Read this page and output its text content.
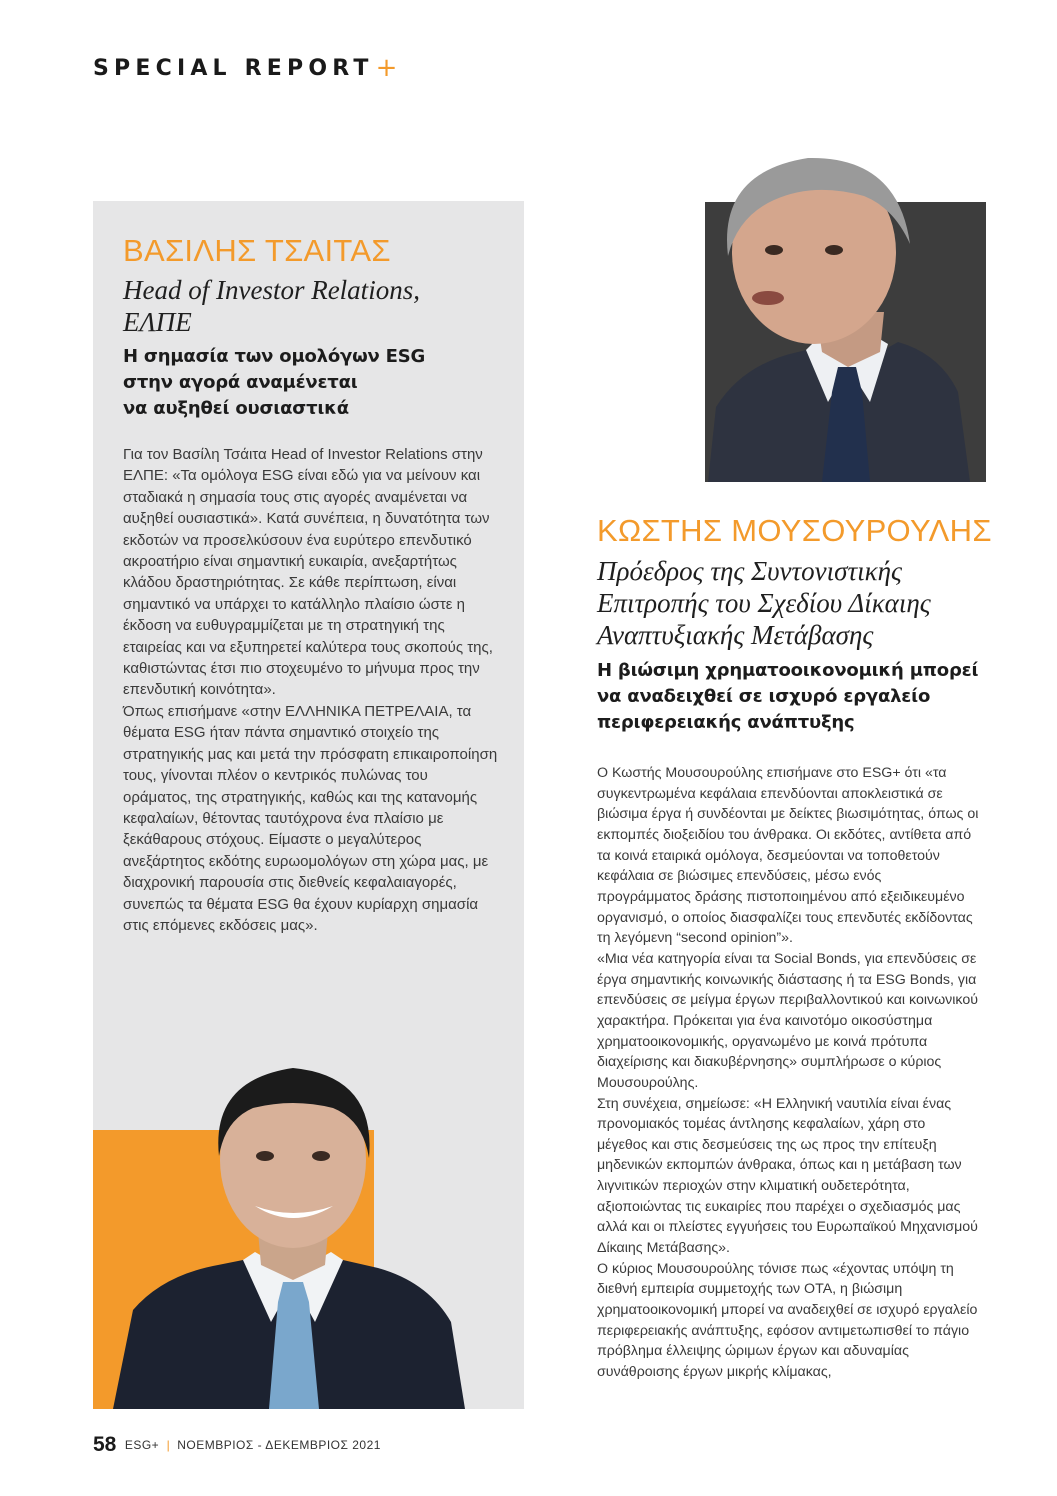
SPECIAL REPORT+
ΒΑΣΙΛΗΣ ΤΣΑΙΤΑΣ
Head of Investor Relations,
ΕΛΠΕ
Η σημασία των ομολόγων ESG
στην αγορά αναμένεται
να αυξηθεί ουσιαστικά

Για τον Βασίλη Τσάιτα Head of Investor Relations στην ΕΛΠΕ: «Τα ομόλογα ESG είναι εδώ για να μείνουν και σταδιακά η σημασία τους στις αγορές αναμένεται να αυξηθεί ουσιαστικά». Κατά συνέπεια, η δυνατότητα των εκδοτών να προσελκύσουν ένα ευρύτερο επενδυτικό ακροατήριο είναι σημαντική ευκαιρία, ανεξαρτήτως κλάδου δραστηριότητας. Σε κάθε περίπτωση, είναι σημαντικό να υπάρχει το κατάλληλο πλαίσιο ώστε η έκδοση να ευθυγραμμίζεται με τη στρατηγική της εταιρείας και να εξυπηρετεί καλύτερα τους σκοπούς της, καθιστώντας έτσι πιο στοχευμένο το μήνυμα προς την επενδυτική κοινότητα».

Όπως επισήμανε «στην ΕΛΛΗΝΙΚΑ ΠΕΤΡΕΛΑΙΑ, τα θέματα ESG ήταν πάντα σημαντικό στοιχείο της στρατηγικής μας και μετά την πρόσφατη επικαιροποίηση τους, γίνονται πλέον ο κεντρικός πυλώνας του οράματος, της στρατηγικής, καθώς και της κατανομής κεφαλαίων, θέτοντας ταυτόχρονα ένα πλαίσιο με ξεκάθαρους στόχους. Είμαστε ο μεγαλύτερος ανεξάρτητος εκδότης ευρωομολόγων στη χώρα μας, με διαχρονική παρουσία στις διεθνείς κεφαλαιαγορές, συνεπώς τα θέματα ESG θα έχουν κυρίαρχη σημασία στις επόμενες εκδόσεις μας».

ΚΩΣΤΗΣ ΜΟΥΣΟΥΡΟΥΛΗΣ
Πρόεδρος της Συντονιστικής
Επιτροπής του Σχεδίου Δίκαιης
Αναπτυξιακής Μετάβασης
Η βιώσιμη χρηματοοικονομική μπορεί
να αναδειχθεί σε ισχυρό εργαλείο
περιφερειακής ανάπτυξης

Ο Κωστής Μουσουρούλης επισήμανε στο ESG+ ότι «τα συγκεντρωμένα κεφάλαια επενδύονται αποκλειστικά σε βιώσιμα έργα ή συνδέονται με δείκτες βιωσιμότητας, όπως οι εκπομπές διοξειδίου του άνθρακα. Οι εκδότες, αντίθετα από τα κοινά εταιρικά ομόλογα, δεσμεύονται να τοποθετούν κεφάλαια σε βιώσιμες επενδύσεις, μέσω ενός προγράμματος δράσης πιστοποιημένου από εξειδικευμένο οργανισμό, ο οποίος διασφαλίζει τους επενδυτές εκδίδοντας τη λεγόμενη “second opinion”».

«Μια νέα κατηγορία είναι τα Social Bonds, για επενδύσεις σε έργα σημαντικής κοινωνικής διάστασης ή τα ESG Bonds, για επενδύσεις σε μείγμα έργων περιβαλλοντικού και κοινωνικού χαρακτήρα. Πρόκειται για ένα καινοτόμο οικοσύστημα χρηματοοικονομικής, οργανωμένο με κοινά πρότυπα διαχείρισης και διακυβέρνησης» συμπλήρωσε ο κύριος Μουσουρούλης.

Στη συνέχεια, σημείωσε: «Η Ελληνική ναυτιλία είναι ένας προνομιακός τομέας άντλησης κεφαλαίων, χάρη στο μέγεθος και στις δεσμεύσεις της ως προς την επίτευξη μηδενικών εκπομπών άνθρακα, όπως και η μετάβαση των λιγνιτικών περιοχών στην κλιματική ουδετερότητα, αξιοποιώντας τις ευκαιρίες που παρέχει ο σχεδιασμός μας αλλά και οι πλείστες εγγυήσεις του Ευρωπαϊκού Μηχανισμού Δίκαιης Μετάβασης».

Ο κύριος Μουσουρούλης τόνισε πως «έχοντας υπόψη τη διεθνή εμπειρία συμμετοχής των ΟΤΑ, η βιώσιμη χρηματοοικονομική μπορεί να αναδειχθεί σε ισχυρό εργαλείο περιφερειακής ανάπτυξης, εφόσον αντιμετωπισθεί το πάγιο πρόβλημα έλλειψης ώριμων έργων και αδυναμίας συνάθροισης έργων μικρής κλίμακας,

58 ESG+ | ΝΟΕΜΒΡΙΟΣ - ΔΕΚΕΜΒΡΙΟΣ 2021
